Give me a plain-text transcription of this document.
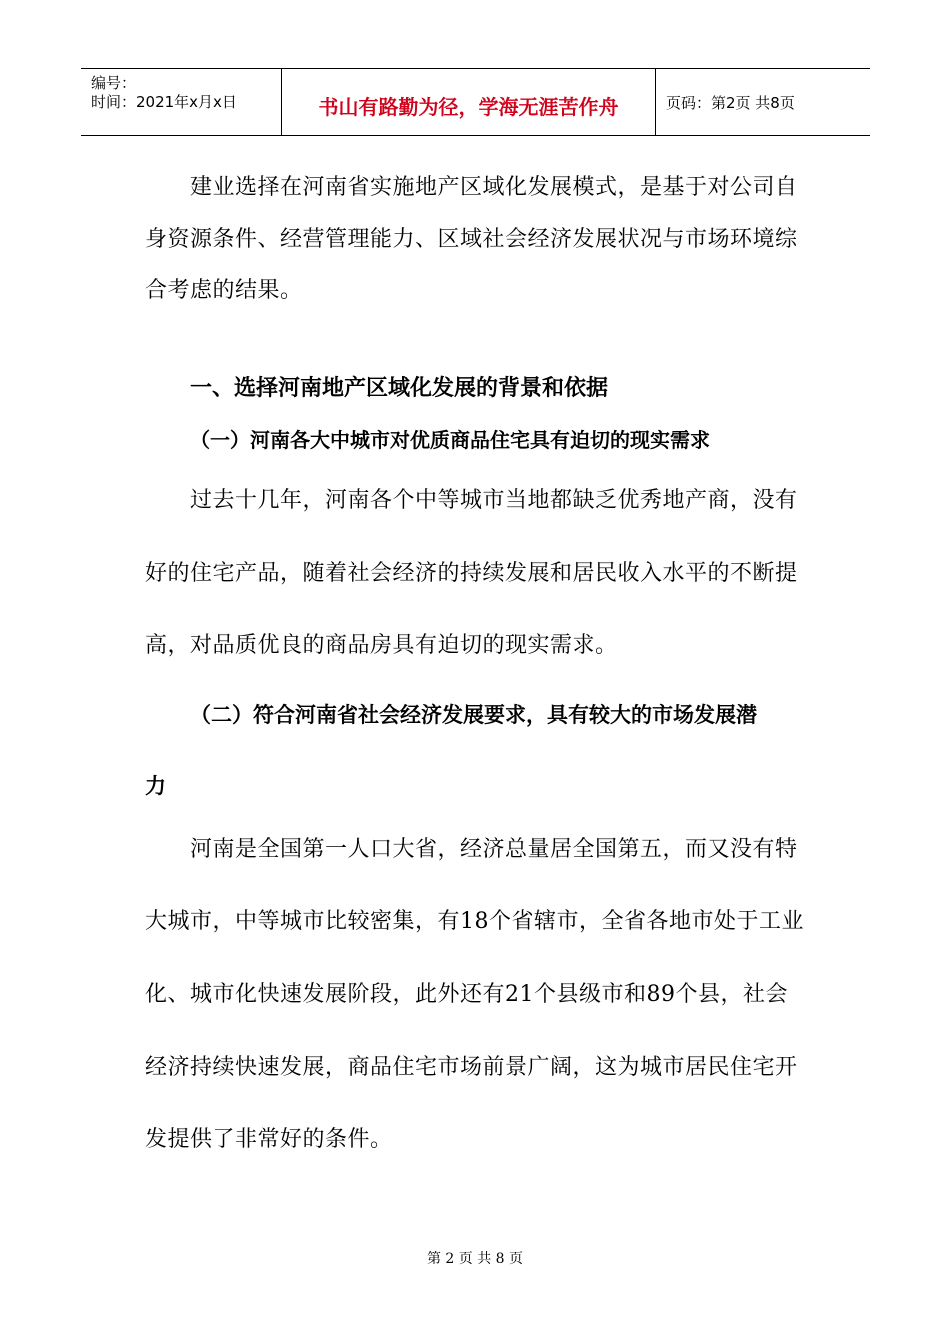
编号：
时间：2021年x月x日	书山有路勤为径，学海无涯苦作舟	页码：第2页 共8页
建业选择在河南省实施地产区域化发展模式，是基于对公司自
身资源条件、经营管理能力、区域社会经济发展状况与市场环境综
合考虑的结果。
一、选择河南地产区域化发展的背景和依据
（一）河南各大中城市对优质商品住宅具有迫切的现实需求
过去十几年，河南各个中等城市当地都缺乏优秀地产商，没有
好的住宅产品，随着社会经济的持续发展和居民收入水平的不断提
高，对品质优良的商品房具有迫切的现实需求。
（二）符合河南省社会经济发展要求，具有较大的市场发展潜
力
河南是全国第一人口大省，经济总量居全国第五，而又没有特
大城市，中等城市比较密集，有18个省辖市，全省各地市处于工业
化、城市化快速发展阶段，此外还有21个县级市和89个县，社会
经济持续快速发展，商品住宅市场前景广阔，这为城市居民住宅开
发提供了非常好的条件。
第 2 页 共 8 页
